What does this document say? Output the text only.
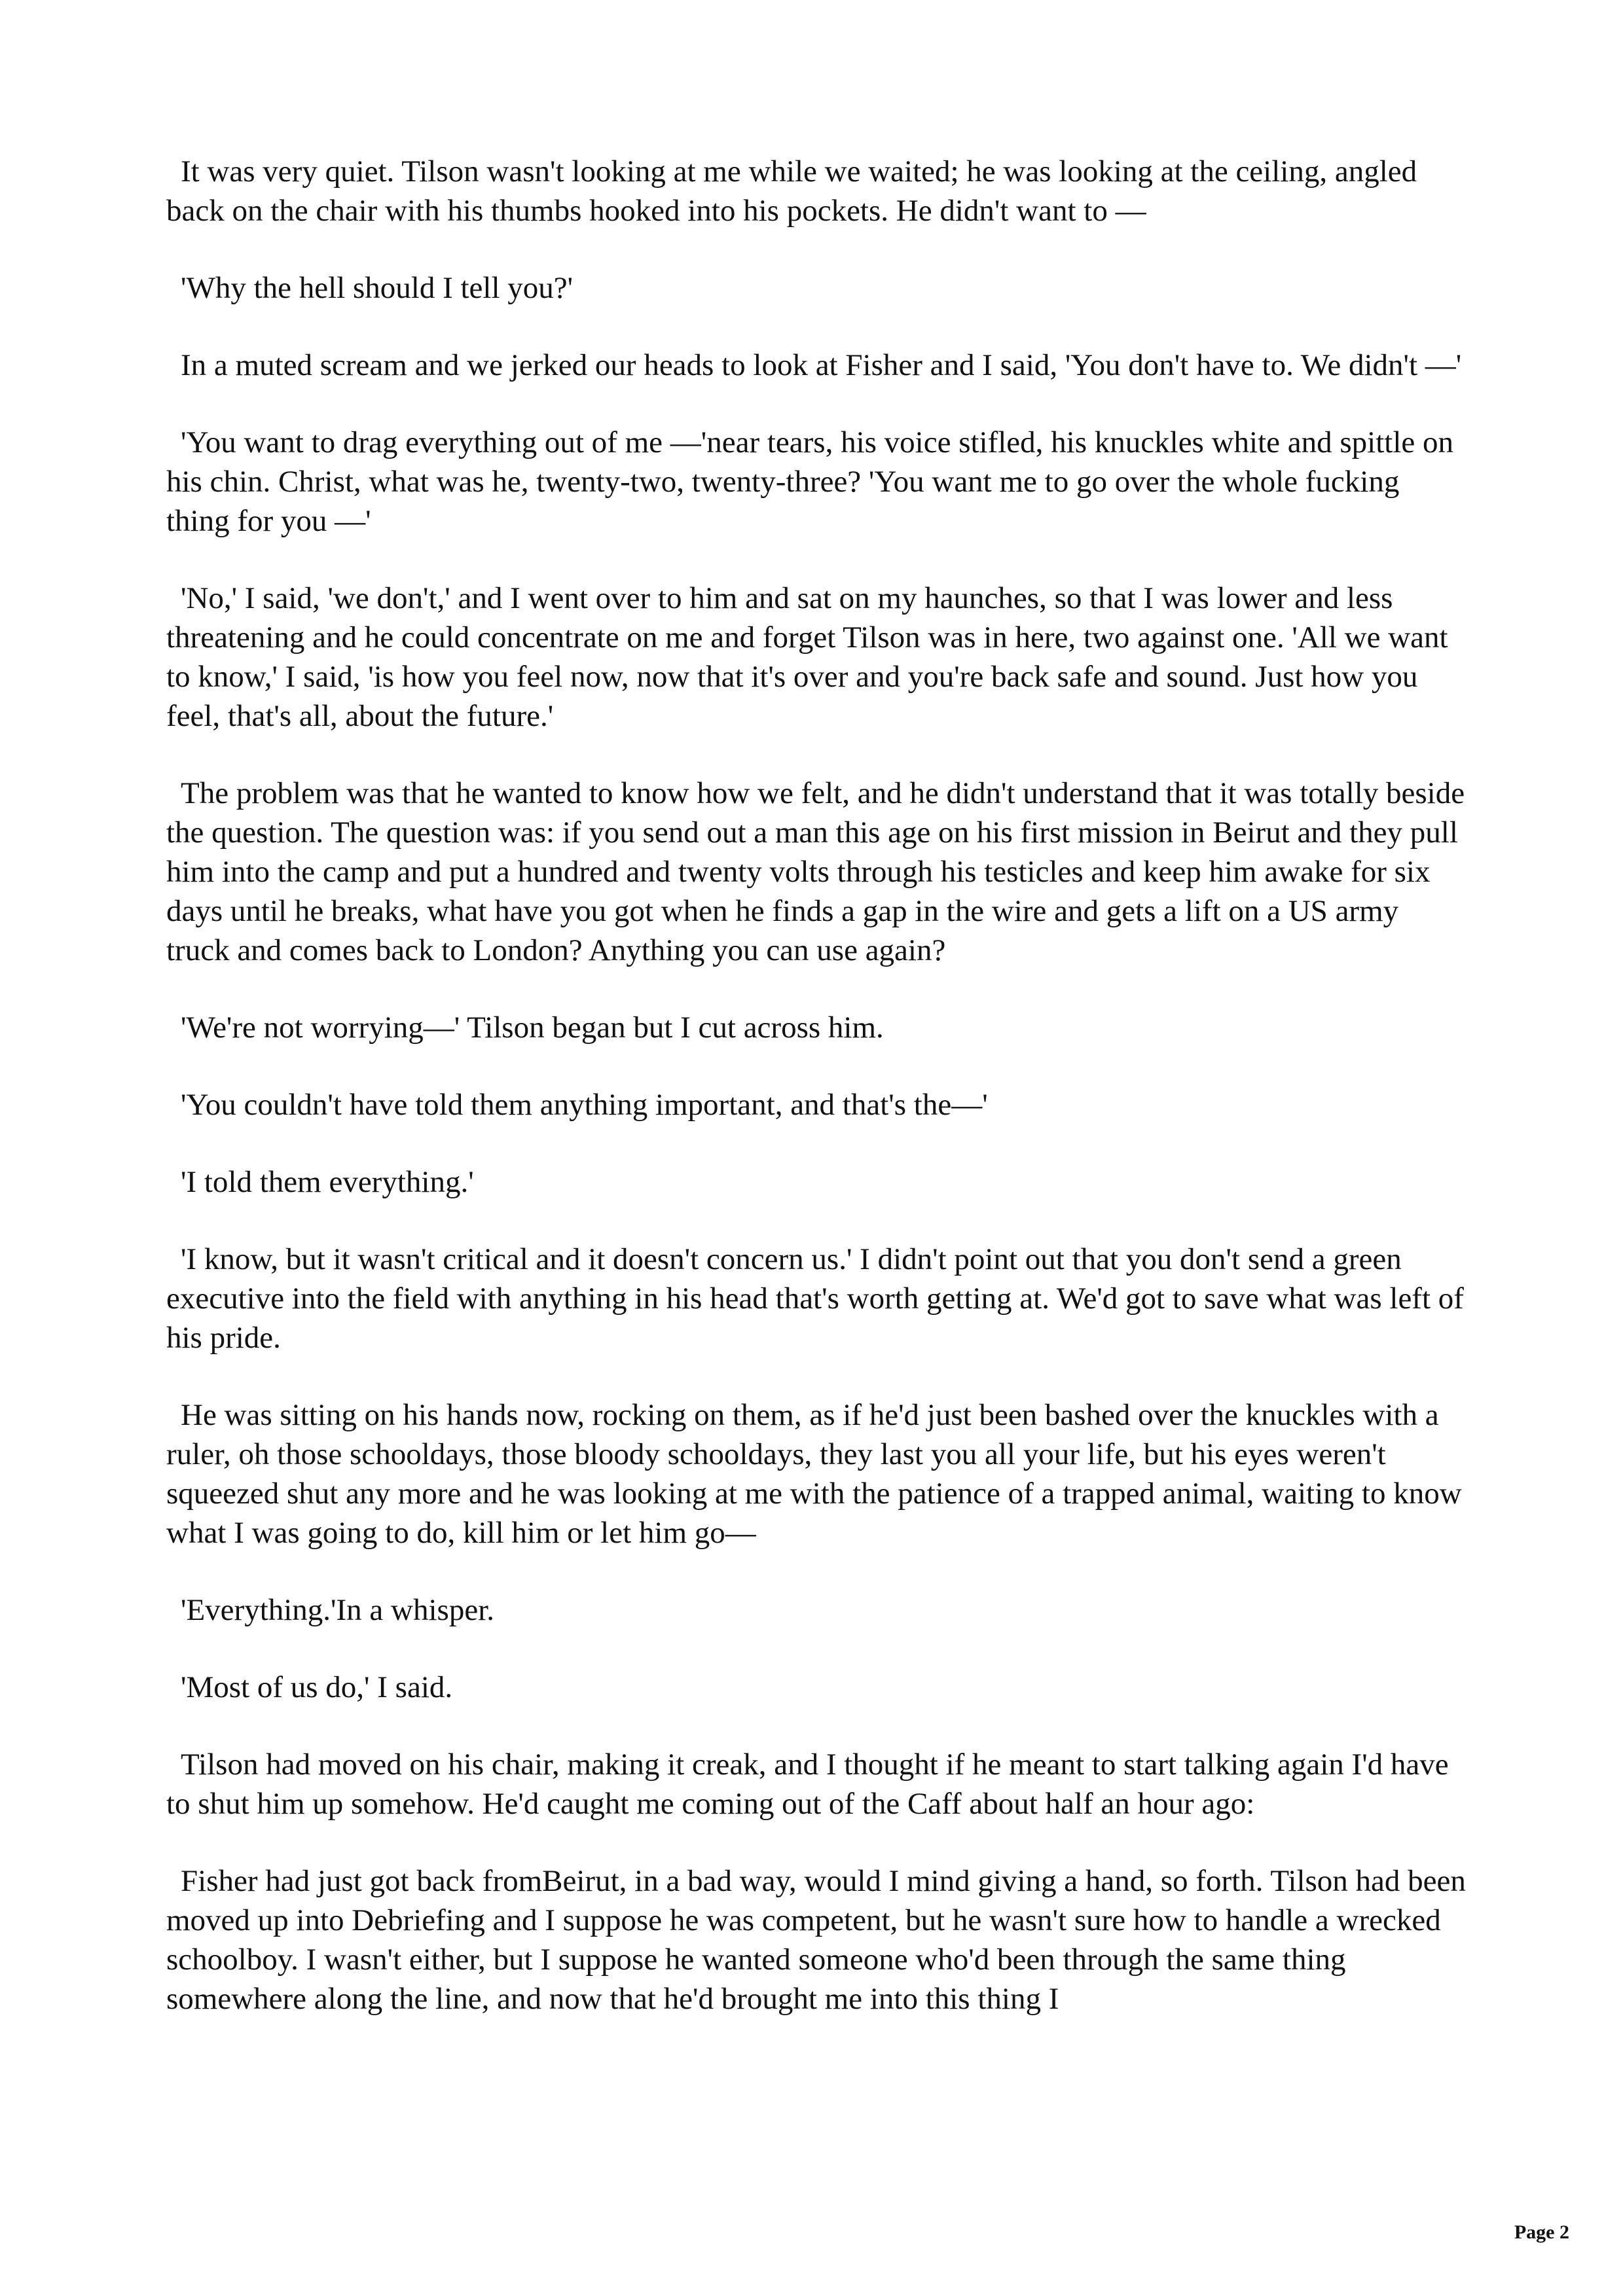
It was very quiet. Tilson wasn't looking at me while we waited; he was looking at the ceiling, angled back on the chair with his thumbs hooked into his pockets. He didn't want to —

'Why the hell should I tell you?'

In a muted scream and we jerked our heads to look at Fisher and I said, 'You don't have to. We didn't —'

'You want to drag everything out of me —'near tears, his voice stifled, his knuckles white and spittle on his chin. Christ, what was he, twenty-two, twenty-three? 'You want me to go over the whole fucking thing for you —'

'No,' I said, 'we don't,' and I went over to him and sat on my haunches, so that I was lower and less threatening and he could concentrate on me and forget Tilson was in here, two against one. 'All we want to know,' I said, 'is how you feel now, now that it's over and you're back safe and sound. Just how you feel, that's all, about the future.'

The problem was that he wanted to know how we felt, and he didn't understand that it was totally beside the question. The question was: if you send out a man this age on his first mission in Beirut and they pull him into the camp and put a hundred and twenty volts through his testicles and keep him awake for six days until he breaks, what have you got when he finds a gap in the wire and gets a lift on a US army truck and comes back to London? Anything you can use again?

'We're not worrying—' Tilson began but I cut across him.

'You couldn't have told them anything important, and that's the—'

'I told them everything.'

'I know, but it wasn't critical and it doesn't concern us.' I didn't point out that you don't send a green executive into the field with anything in his head that's worth getting at. We'd got to save what was left of his pride.

He was sitting on his hands now, rocking on them, as if he'd just been bashed over the knuckles with a ruler, oh those schooldays, those bloody schooldays, they last you all your life, but his eyes weren't squeezed shut any more and he was looking at me with the patience of a trapped animal, waiting to know what I was going to do, kill him or let him go—

'Everything.'In a whisper.

'Most of us do,' I said.

Tilson had moved on his chair, making it creak, and I thought if he meant to start talking again I'd have to shut him up somehow. He'd caught me coming out of the Caff about half an hour ago:

Fisher had just got back fromBeirut, in a bad way, would I mind giving a hand, so forth. Tilson had been moved up into Debriefing and I suppose he was competent, but he wasn't sure how to handle a wrecked schoolboy. I wasn't either, but I suppose he wanted someone who'd been through the same thing somewhere along the line, and now that he'd brought me into this thing I

Page 2
